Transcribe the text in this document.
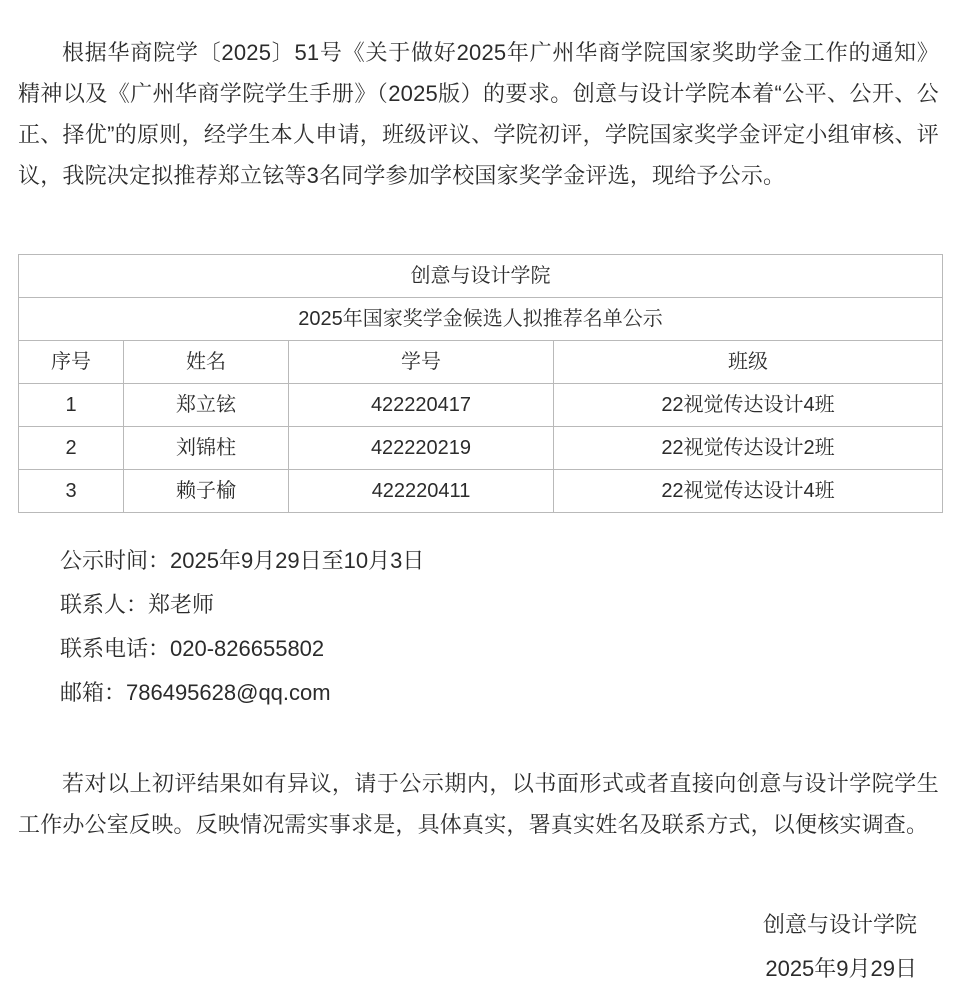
根据华商院学〔2025〕51号《关于做好2025年广州华商学院国家奖助学金工作的通知》精神以及《广州华商学院学生手册》（2025版）的要求。创意与设计学院本着“公平、公开、公正、择优”的原则，经学生本人申请，班级评议、学院初评，学院国家奖学金评定小组审核、评议，我院决定拟推荐郑立铉等3名同学参加学校国家奖学金评选，现给予公示。

创意与设计学院			
2025年国家奖学金候选人拟推荐名单公示			
序号	姓名	学号	班级
1	郑立铉	422220417	22视觉传达设计4班
2	刘锦柱	422220219	22视觉传达设计2班
3	赖子榆	422220411	22视觉传达设计4班
公示时间：2025年9月29日至10月3日
联系人：郑老师
联系电话：020-826655802
邮箱：786495628@qq.com

若对以上初评结果如有异议，请于公示期内，以书面形式或者直接向创意与设计学院学生工作办公室反映。反映情况需实事求是，具体真实，署真实姓名及联系方式，以便核实调查。

创意与设计学院
2025年9月29日
